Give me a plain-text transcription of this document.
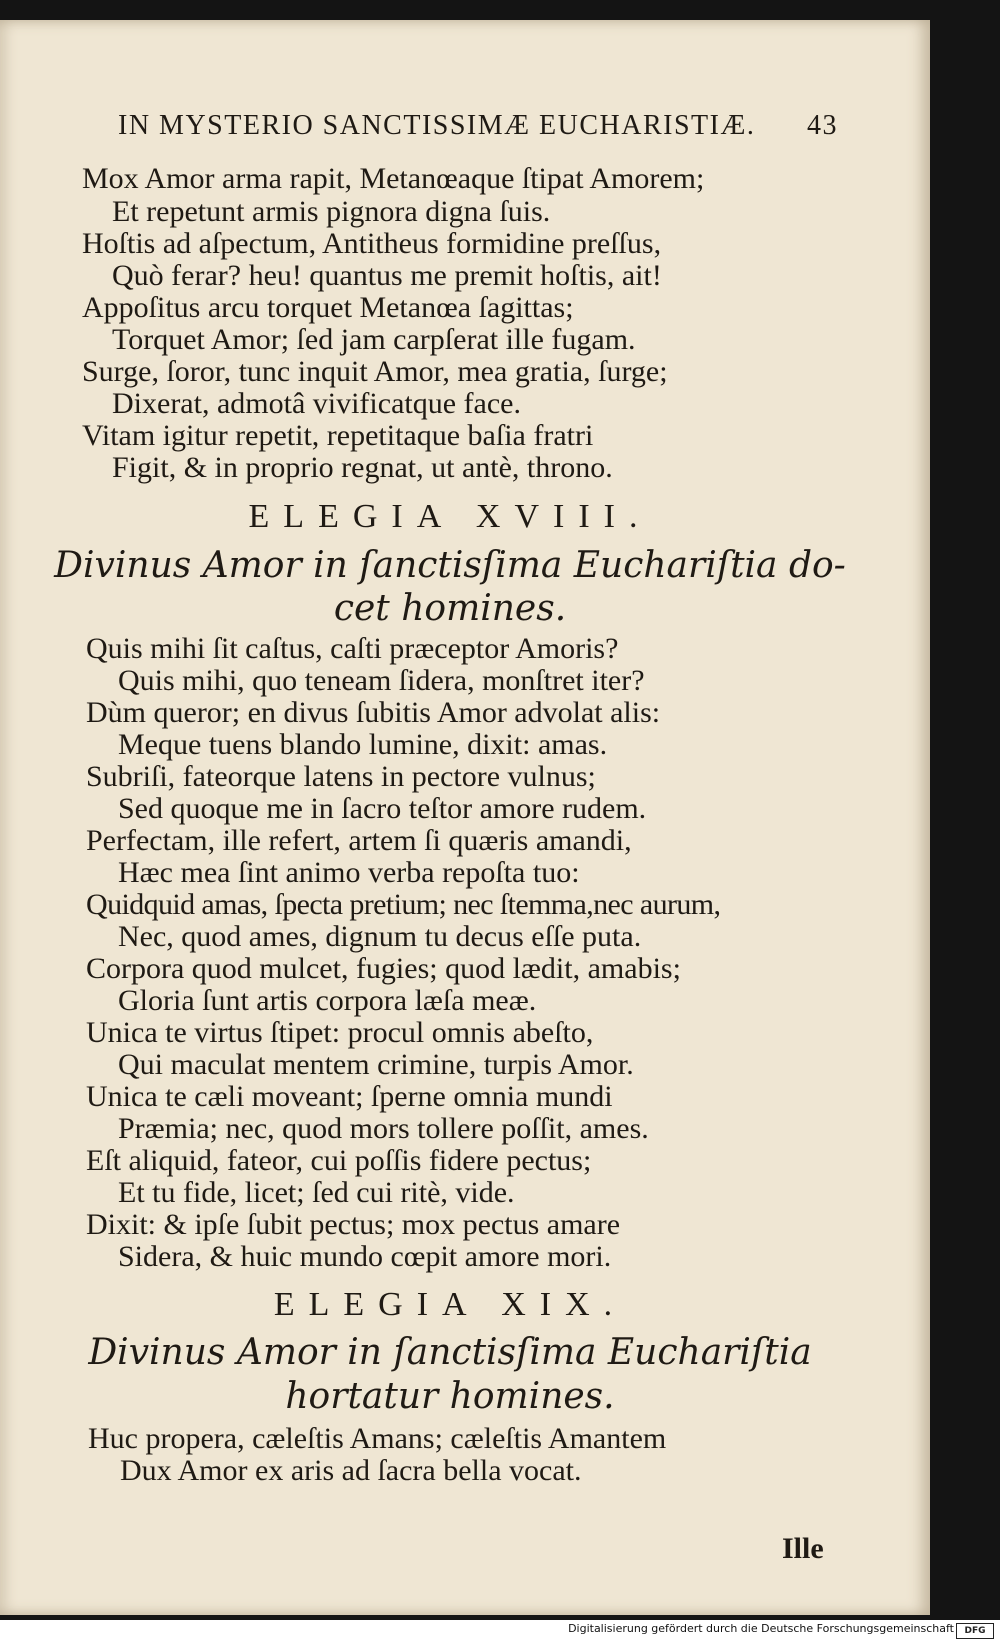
IN MYSTERIO SANCTISSIMÆ EUCHARISTIÆ. 43
Mox Amor arma rapit, Metanœaque ſtipat Amorem;
Et repetunt armis pignora digna ſuis.
Hoſtis ad aſpectum, Antitheus formidine preſſus,
Quò ferar? heu! quantus me premit hoſtis, ait!
Appoſitus arcu torquet Metanœa ſagittas;
Torquet Amor; ſed jam carpſerat ille fugam.
Surge, ſoror, tunc inquit Amor, mea gratia, ſurge;
Dixerat, admotâ vivificatque face.
Vitam igitur repetit, repetitaque baſia fratri
Figit, & in proprio regnat, ut antè, throno.
ELEGIA XVIII.
Divinus Amor in ſanctisſima Euchariſtia do-
cet homines.
Quis mihi ſit caſtus, caſti præceptor Amoris?
Quis mihi, quo teneam ſidera, monſtret iter?
Dùm queror; en divus ſubitis Amor advolat alis:
Meque tuens blando lumine, dixit: amas.
Subriſi, fateorque latens in pectore vulnus;
Sed quoque me in ſacro teſtor amore rudem.
Perfectam, ille refert, artem ſi quæris amandi,
Hæc mea ſint animo verba repoſta tuo:
Quidquid amas, ſpecta pretium; nec ſtemma,nec aurum,
Nec, quod ames, dignum tu decus eſſe puta.
Corpora quod mulcet, fugies; quod lædit, amabis;
Gloria ſunt artis corpora læſa meæ.
Unica te virtus ſtipet: procul omnis abeſto,
Qui maculat mentem crimine, turpis Amor.
Unica te cæli moveant; ſperne omnia mundi
Præmia; nec, quod mors tollere poſſit, ames.
Eſt aliquid, fateor, cui poſſis fidere pectus;
Et tu fide, licet; ſed cui ritè, vide.
Dixit: & ipſe ſubit pectus; mox pectus amare
Sidera, & huic mundo cœpit amore mori.
ELEGIA XIX.
Divinus Amor in ſanctisſima Euchariſtia
hortatur homines.
Huc propera, cæleſtis Amans; cæleſtis Amantem
Dux Amor ex aris ad ſacra bella vocat.
Ille
Digitalisierung gefördert durch die Deutsche Forschungsgemeinschaft	DFG
